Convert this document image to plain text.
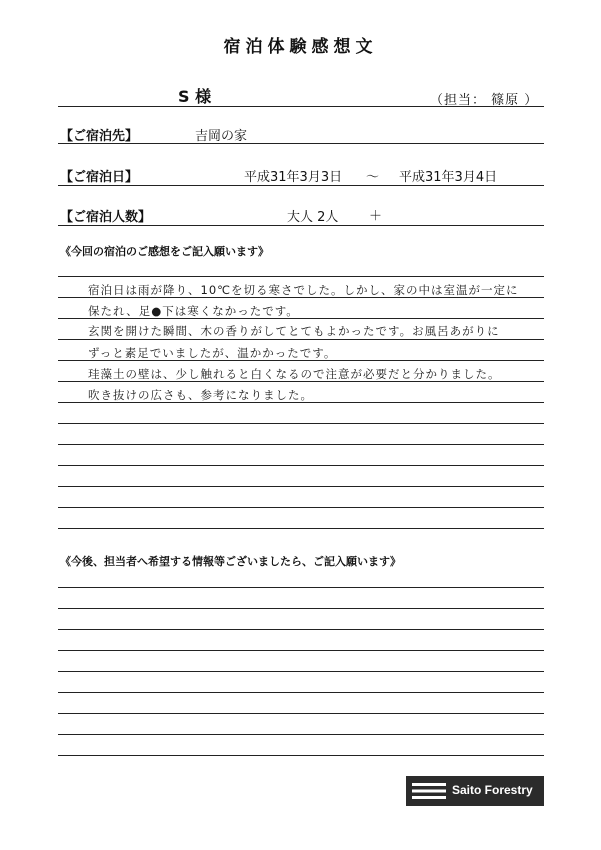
宿泊体験感想文
S 様	（担当： 篠原 ）
【ご宿泊先】	吉岡の家
【ご宿泊日】	平成31年3月3日 ～ 平成31年3月4日
【ご宿泊人数】	大人 2人 ＋
《今回の宿泊のご感想をご記入願います》
宿泊日は雨が降り、10℃を切る寒さでした。しかし、家の中は室温が一定に
保たれ、足●下は寒くなかったです。
玄関を開けた瞬間、木の香りがしてとてもよかったです。お風呂あがりに
ずっと素足でいましたが、温かかったです。
珪藻土の壁は、少し触れると白くなるので注意が必要だと分かりました。
吹き抜けの広さも、参考になりました。
《今後、担当者へ希望する情報等ございましたら、ご記入願います》
Saito Forestry
